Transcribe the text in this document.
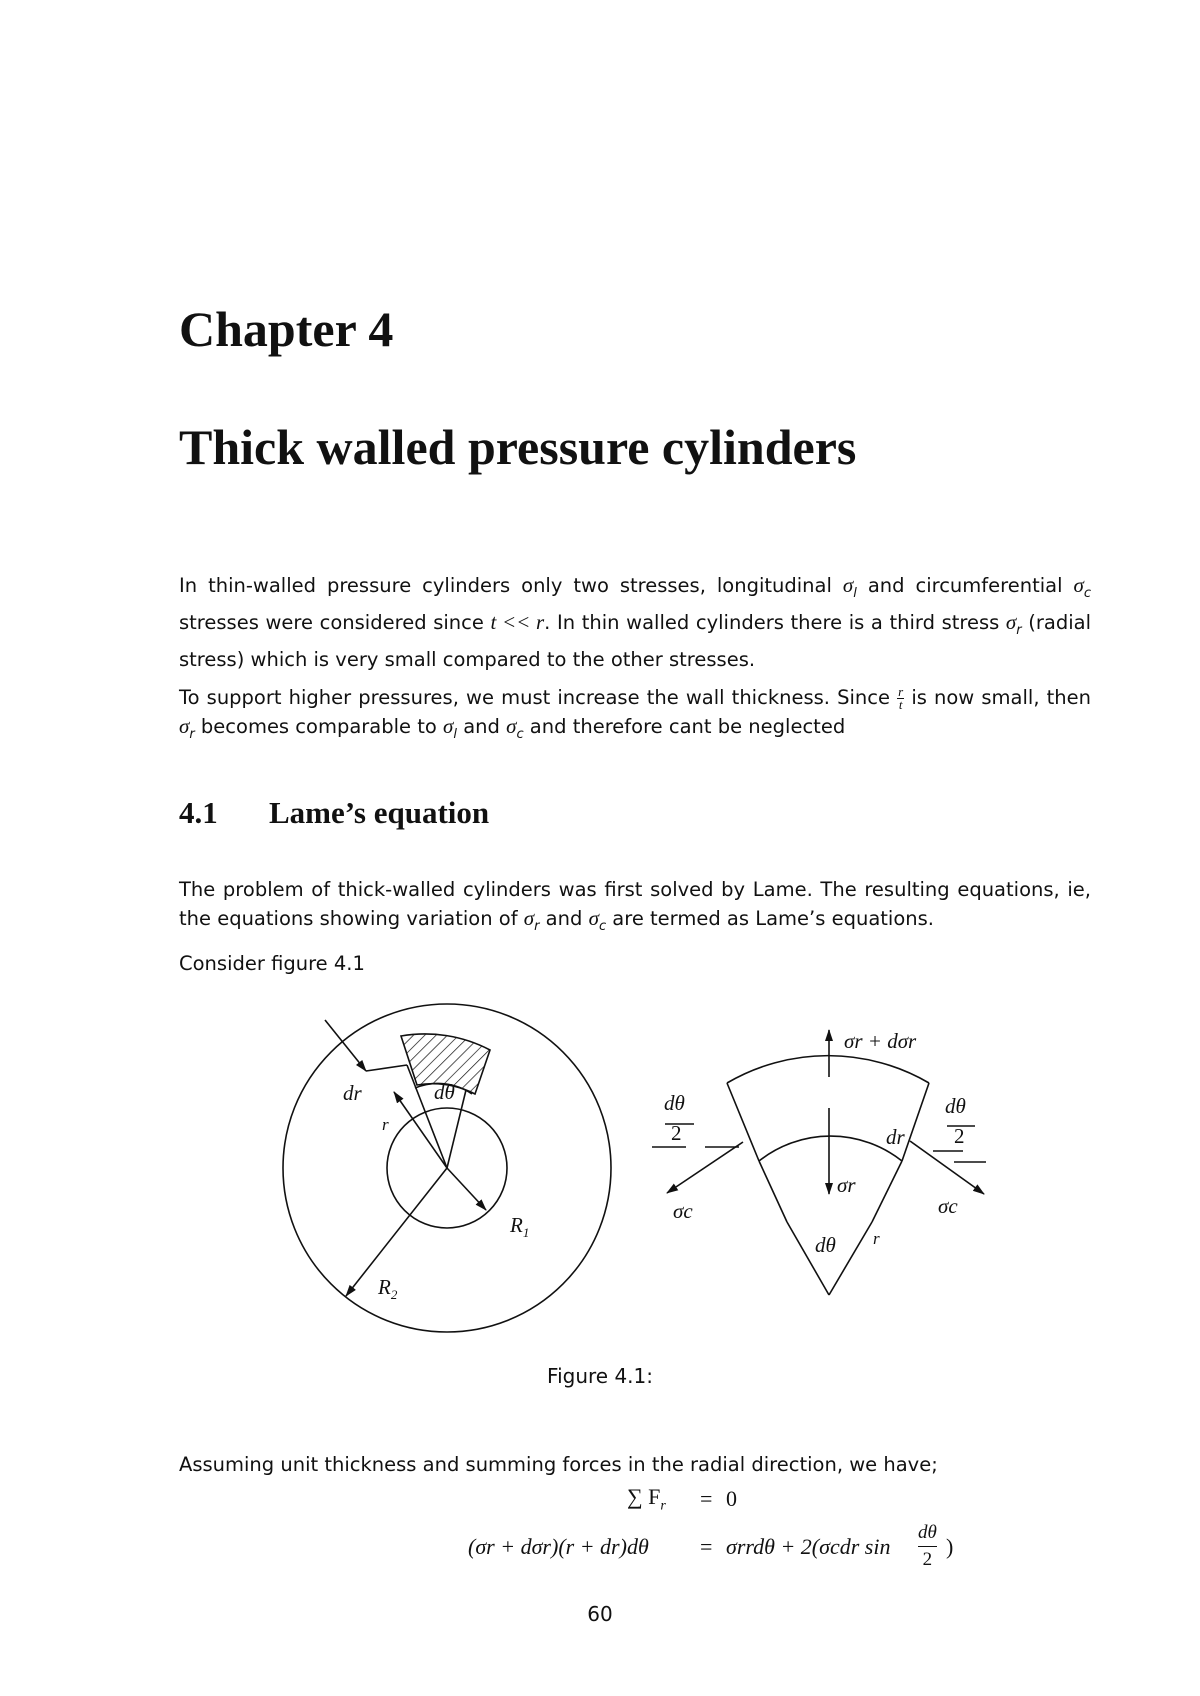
Chapter 4
Thick walled pressure cylinders
In thin-walled pressure cylinders only two stresses, longitudinal $\sigma_l$ and circumferential $\sigma_c$ stresses were considered since t << r. In thin walled cylinders there is a third stress $\sigma_r$ (radial stress) which is very small compared to the other stresses.
To support higher pressures, we must increase the wall thickness. Since $\frac{r}{t}$ is now small, then $\sigma_r$ becomes comparable to $\sigma_l$ and $\sigma_c$ and therefore cant be neglected
4.1 Lame’s equation
The problem of thick-walled cylinders was first solved by Lame. The resulting equations, ie, the equations showing variation of $\sigma_r$ and $\sigma_c$ are termed as Lame’s equations.
Consider figure 4.1
dr	dθ
r
$R_1$
$R_2$
σr + dσr
dθ
2
dθ
2
dr
σr
σc	σc
dθ r
Figure 4.1:
Assuming unit thickness and summing forces in the radial direction, we have;
∑ $F_r = 0$
(σr + dσr)(r + dr)dθ = σrrdθ + 2(σcdr sin
dθ
2
)
60
